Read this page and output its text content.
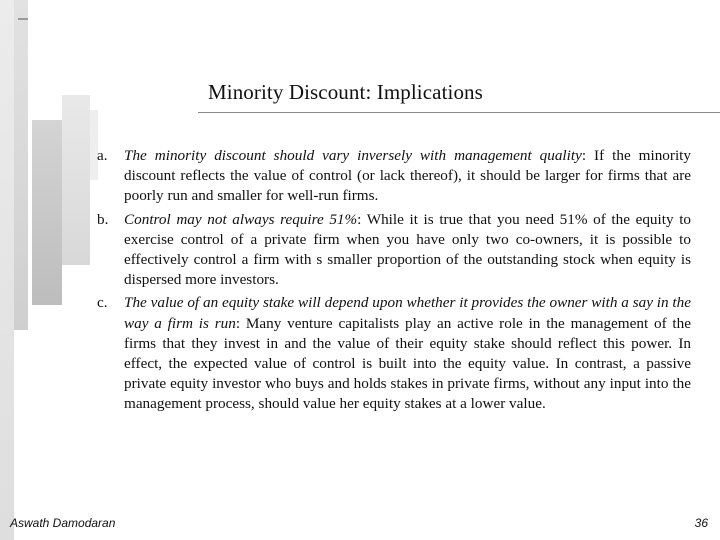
Minority Discount: Implications

a. The minority discount should vary inversely with management quality: If the minority discount reflects the value of control (or lack thereof), it should be larger for firms that are poorly run and smaller for well-run firms.

b. Control may not always require 51%: While it is true that you need 51% of the equity to exercise control of a private firm when you have only two co-owners, it is possible to effectively control a firm with s smaller proportion of the outstanding stock when equity is dispersed more investors.

c. The value of an equity stake will depend upon whether it provides the owner with a say in the way a firm is run: Many venture capitalists play an active role in the management of the firms that they invest in and the value of their equity stake should reflect this power. In effect, the expected value of control is built into the equity value. In contrast, a passive private equity investor who buys and holds stakes in private firms, without any input into the management process, should value her equity stakes at a lower value.

Aswath Damodaran	36
